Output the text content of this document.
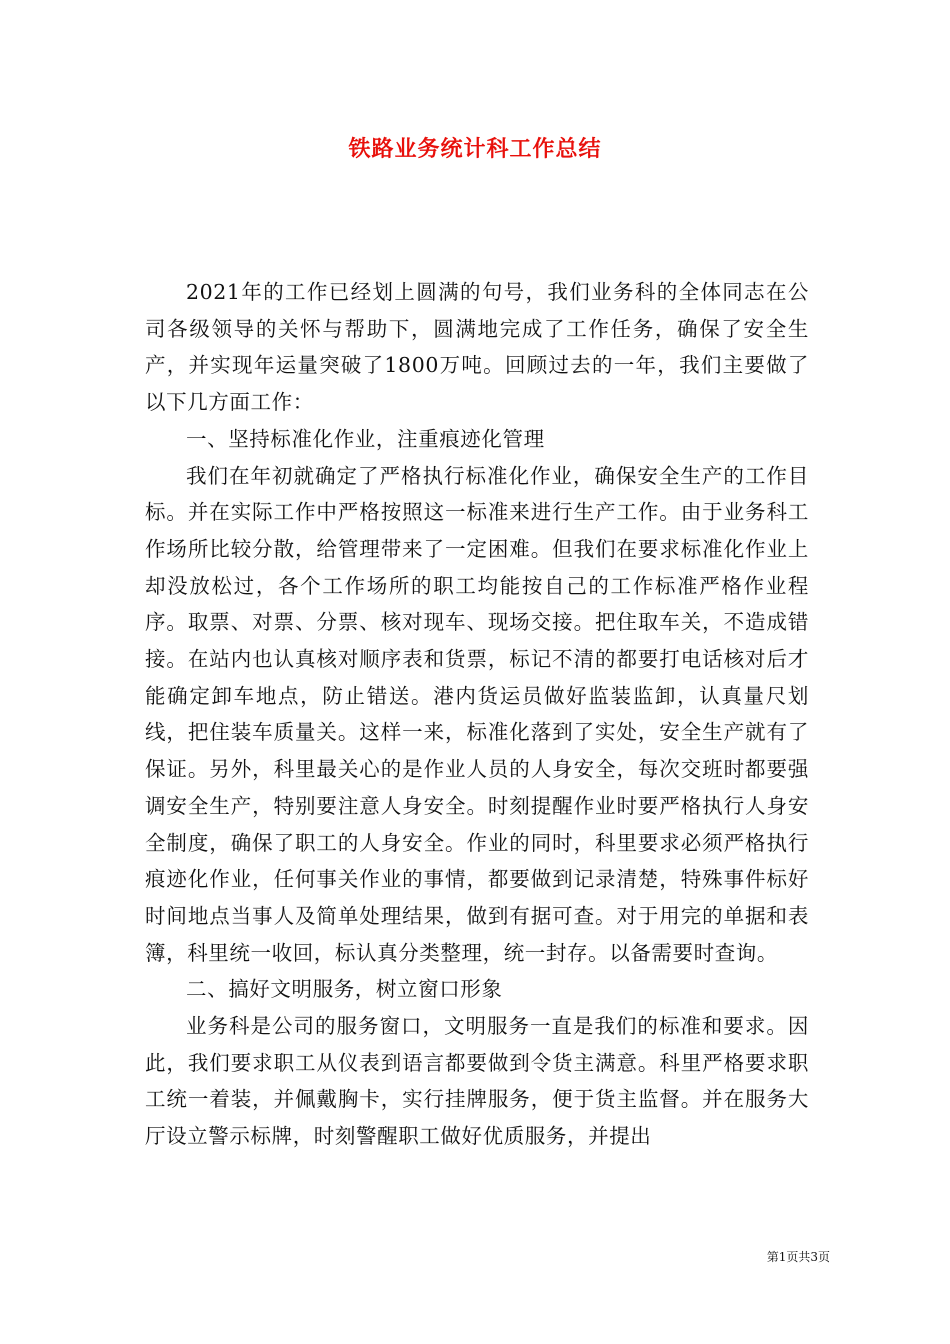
铁路业务统计科工作总结

2021年的工作已经划上圆满的句号，我们业务科的全体同志在公司各级领导的关怀与帮助下，圆满地完成了工作任务，确保了安全生产，并实现年运量突破了1800万吨。回顾过去的一年，我们主要做了以下几方面工作：

一、坚持标准化作业，注重痕迹化管理

我们在年初就确定了严格执行标准化作业，确保安全生产的工作目标。并在实际工作中严格按照这一标准来进行生产工作。由于业务科工作场所比较分散，给管理带来了一定困难。但我们在要求标准化作业上却没放松过，各个工作场所的职工均能按自己的工作标准严格作业程序。取票、对票、分票、核对现车、现场交接。把住取车关，不造成错接。在站内也认真核对顺序表和货票，标记不清的都要打电话核对后才能确定卸车地点，防止错送。港内货运员做好监装监卸，认真量尺划线，把住装车质量关。这样一来，标准化落到了实处，安全生产就有了保证。另外，科里最关心的是作业人员的人身安全，每次交班时都要强调安全生产，特别要注意人身安全。时刻提醒作业时要严格执行人身安全制度，确保了职工的人身安全。作业的同时，科里要求必须严格执行痕迹化作业，任何事关作业的事情，都要做到记录清楚，特殊事件标好时间地点当事人及简单处理结果，做到有据可查。对于用完的单据和表簿，科里统一收回，标认真分类整理，统一封存。以备需要时查询。

二、搞好文明服务，树立窗口形象

业务科是公司的服务窗口，文明服务一直是我们的标准和要求。因此，我们要求职工从仪表到语言都要做到令货主满意。科里严格要求职工统一着装，并佩戴胸卡，实行挂牌服务，便于货主监督。并在服务大厅设立警示标牌，时刻警醒职工做好优质服务，并提出

第1页共3页
